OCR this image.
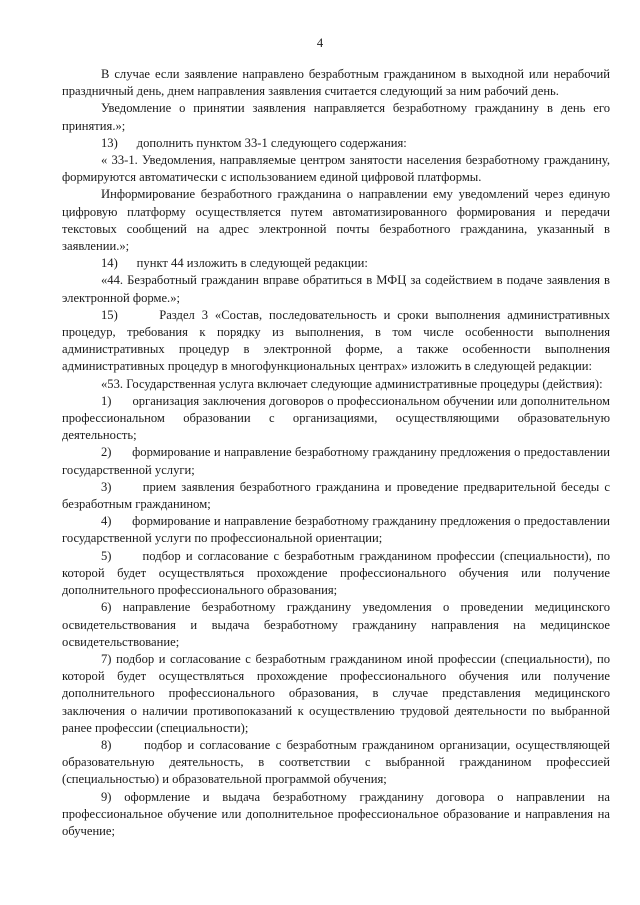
4

В случае если заявление направлено безработным гражданином в выходной или нерабочий праздничный день, днем направления заявления считается следующий за ним рабочий день.

Уведомление о принятии заявления направляется безработному гражданину в день его принятия.»;

13)      дополнить пунктом 33-1 следующего содержания:

« 33-1. Уведомления, направляемые центром занятости населения безработному гражданину, формируются автоматически с использованием единой цифровой платформы.

Информирование безработного гражданина о направлении ему уведомлений через единую цифровую платформу осуществляется путем автоматизированного формирования и передачи текстовых сообщений на адрес электронной почты безработного гражданина, указанный в заявлении.»;

14)      пункт 44 изложить в следующей редакции:

«44. Безработный гражданин вправе обратиться в МФЦ за содействием в подаче заявления в электронной форме.»;

15)      Раздел 3 «Состав, последовательность и сроки выполнения административных процедур, требования к порядку из выполнения, в том числе особенности выполнения административных процедур в электронной форме, а также особенности выполнения административных процедур в многофункциональных центрах» изложить в следующей редакции:

«53. Государственная услуга включает следующие административные процедуры (действия):

1)      организация заключения договоров о профессиональном обучении или дополнительном профессиональном образовании с организациями, осуществляющими образовательную деятельность;

2)      формирование и направление безработному гражданину предложения о предоставлении государственной услуги;

3)      прием заявления безработного гражданина и проведение предварительной беседы с безработным гражданином;

4)      формирование и направление безработному гражданину предложения о предоставлении государственной услуги по профессиональной ориентации;

5)      подбор и согласование с безработным гражданином профессии (специальности), по которой будет осуществляться прохождение профессионального обучения или получение дополнительного профессионального образования;

6) направление безработному гражданину уведомления о проведении медицинского освидетельствования и выдача безработному гражданину направления на медицинское освидетельствование;

7) подбор и согласование с безработным гражданином иной профессии (специальности), по которой будет осуществляться прохождение профессионального обучения или получение дополнительного профессионального образования, в случае представления медицинского заключения о наличии противопоказаний к осуществлению трудовой деятельности по выбранной ранее профессии (специальности);

8)      подбор и согласование с безработным гражданином организации, осуществляющей образовательную деятельность, в соответствии с выбранной гражданином профессией (специальностью) и образовательной программой обучения;

9) оформление и выдача безработному гражданину договора о направлении на профессиональное обучение или дополнительное профессиональное образование и направления на обучение;
